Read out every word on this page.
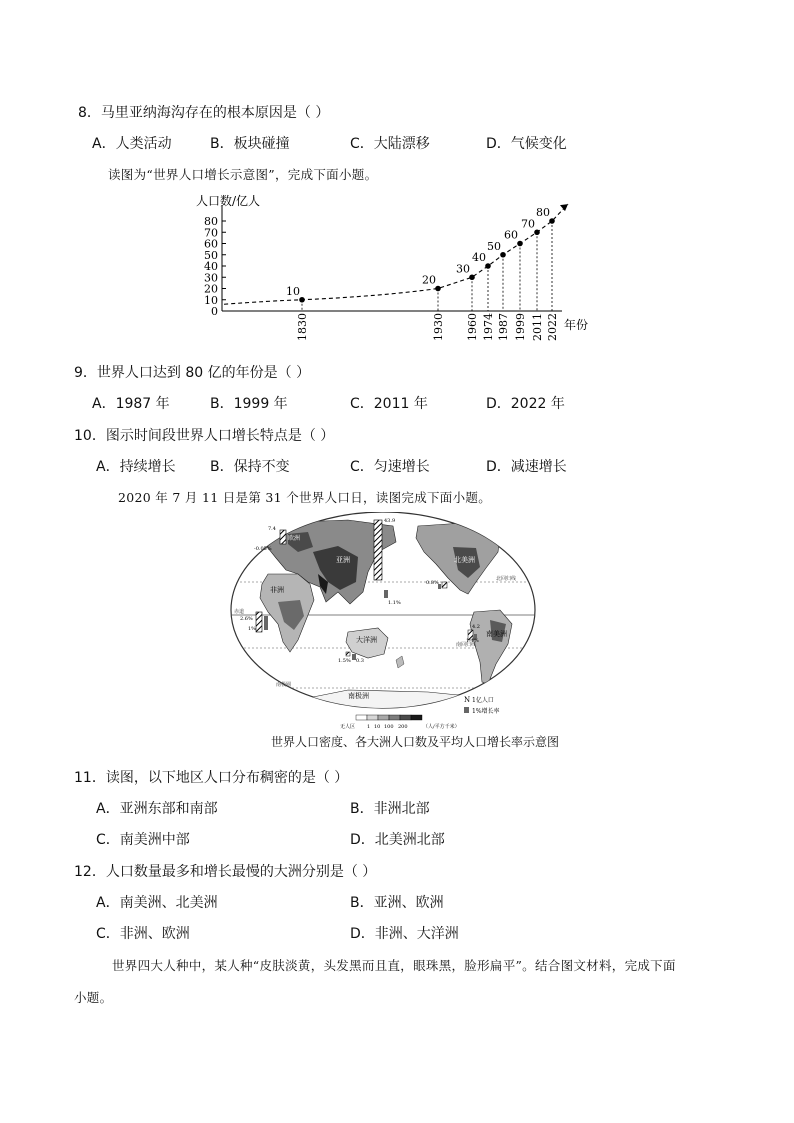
8．马里亚纳海沟存在的根本原因是（ ）
A．人类活动	B．板块碰撞	C．大陆漂移	D．气候变化
读图为“世界人口增长示意图”，完成下面小题。
人口数/亿人
年份
0
10
20
30
40
50
60
70
80
10
1830
20
1930
30
1960
40
1974
50
1987
60
1999
70
2011
80
2022
9．世界人口达到 80 亿的年份是（ ）
A．1987 年	B．1999 年	C．2011 年	D．2022 年
10．图示时间段世界人口增长特点是（ ）
A．持续增长 B．保持不变	C．匀速增长	D．减速增长
2020 年 7 月 11 日是第 31 个世界人口日，读图完成下面小题。
亚洲
欧洲
非洲
北美洲
南美洲
大洋洲
南极洲
北回归线
赤道
南回归线
南极圈
7.4
-0.05%
2.6%
43.9
1.1%
0.8%
4.2
1.1%
1.5% 0.3
1%
N 1亿人口
1%增长率
无人区 1 10 100 200	（人/平方千米）
世界人口密度、各大洲人口数及平均人口增长率示意图
11．读图，以下地区人口分布稠密的是（ ）
A．亚洲东部和南部	B．非洲北部
C．南美洲中部	D．北美洲北部
12．人口数量最多和增长最慢的大洲分别是（ ）
A．南美洲、北美洲	B．亚洲、欧洲
C．非洲、欧洲	D．非洲、大洋洲
世界四大人种中，某人种“皮肤淡黄，头发黑而且直，眼珠黑，脸形扁平”。结合图文材料，完成下面
小题。
